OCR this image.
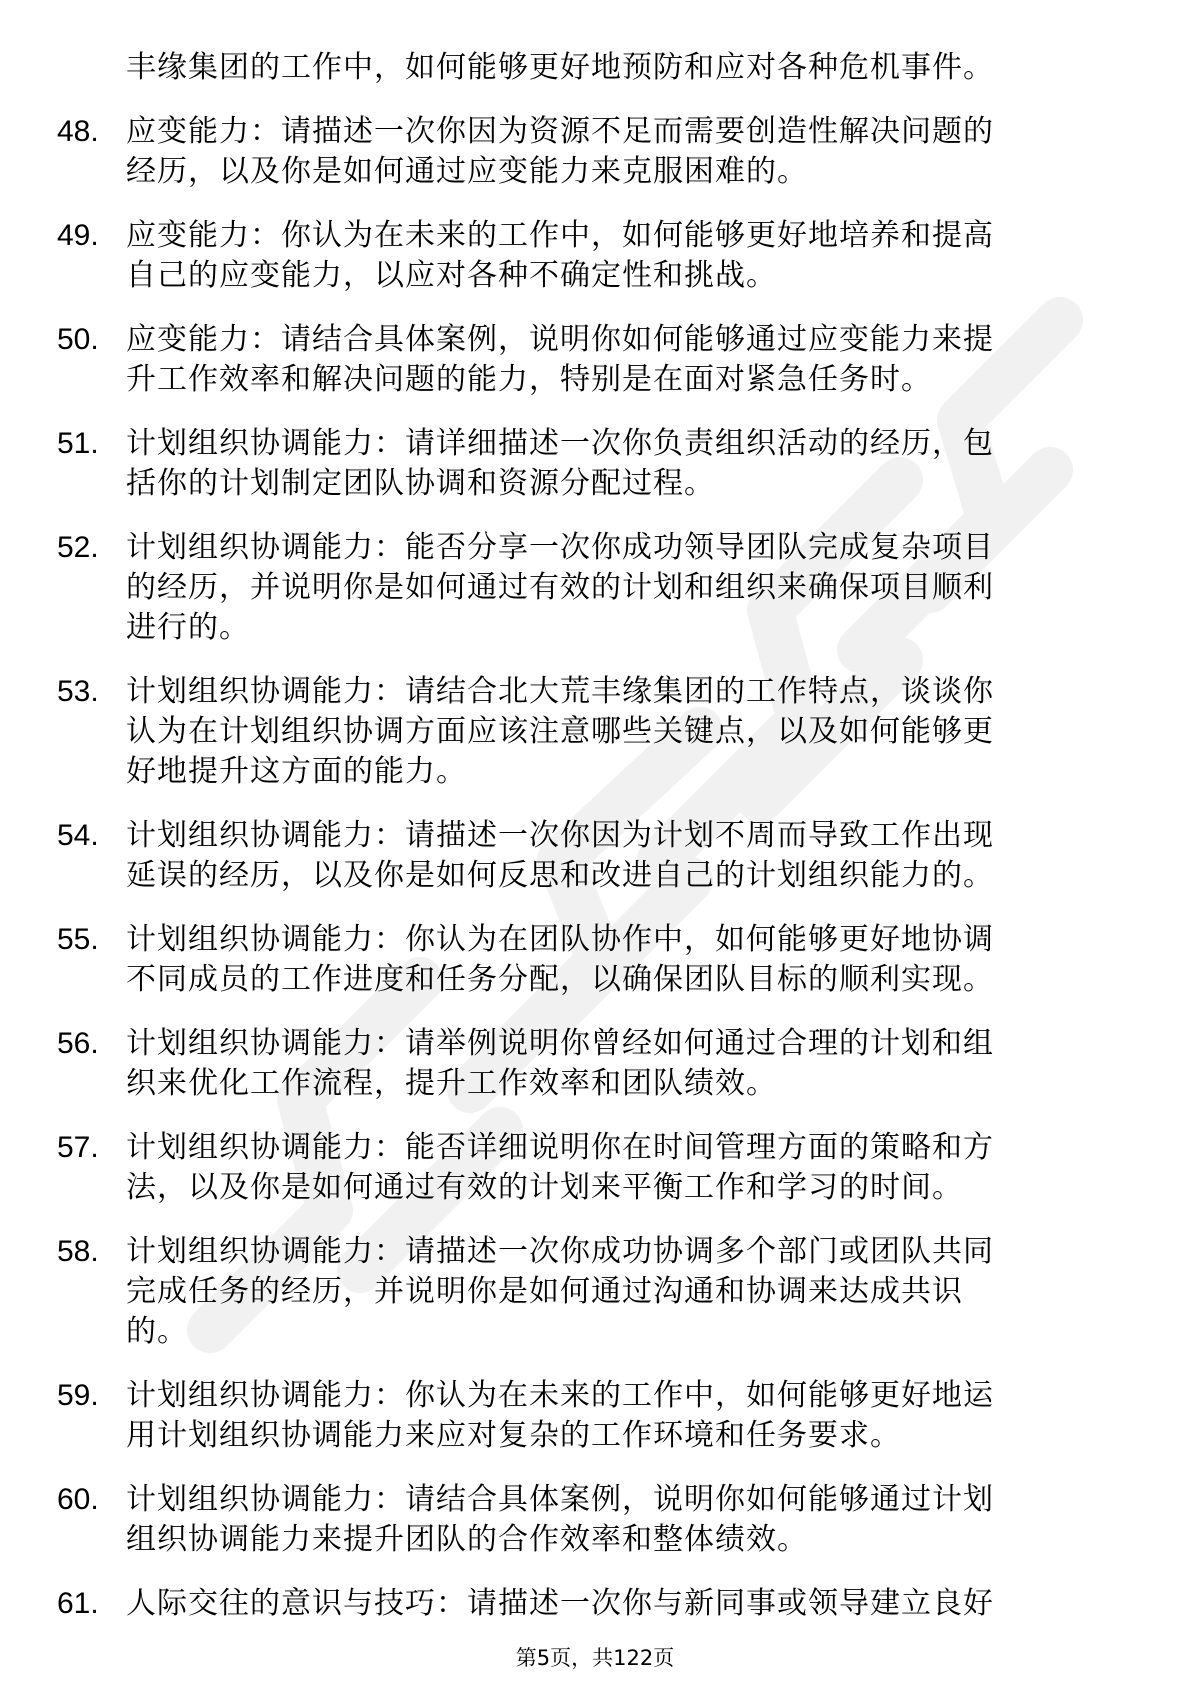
丰缘集团的工作中，如何能够更好地预防和应对各种危机事件。
48. 应变能力：请描述一次你因为资源不足而需要创造性解决问题的
经历，以及你是如何通过应变能力来克服困难的。
49. 应变能力：你认为在未来的工作中，如何能够更好地培养和提高
自己的应变能力，以应对各种不确定性和挑战。
50. 应变能力：请结合具体案例，说明你如何能够通过应变能力来提
升工作效率和解决问题的能力，特别是在面对紧急任务时。
51. 计划组织协调能力：请详细描述一次你负责组织活动的经历，包
括你的计划制定团队协调和资源分配过程。
52. 计划组织协调能力：能否分享一次你成功领导团队完成复杂项目
的经历，并说明你是如何通过有效的计划和组织来确保项目顺利
进行的。
53. 计划组织协调能力：请结合北大荒丰缘集团的工作特点，谈谈你
认为在计划组织协调方面应该注意哪些关键点，以及如何能够更
好地提升这方面的能力。
54. 计划组织协调能力：请描述一次你因为计划不周而导致工作出现
延误的经历，以及你是如何反思和改进自己的计划组织能力的。
55. 计划组织协调能力：你认为在团队协作中，如何能够更好地协调
不同成员的工作进度和任务分配，以确保团队目标的顺利实现。
56. 计划组织协调能力：请举例说明你曾经如何通过合理的计划和组
织来优化工作流程，提升工作效率和团队绩效。
57. 计划组织协调能力：能否详细说明你在时间管理方面的策略和方
法，以及你是如何通过有效的计划来平衡工作和学习的时间。
58. 计划组织协调能力：请描述一次你成功协调多个部门或团队共同
完成任务的经历，并说明你是如何通过沟通和协调来达成共识
的。
59. 计划组织协调能力：你认为在未来的工作中，如何能够更好地运
用计划组织协调能力来应对复杂的工作环境和任务要求。
60. 计划组织协调能力：请结合具体案例，说明你如何能够通过计划
组织协调能力来提升团队的合作效率和整体绩效。
61. 人际交往的意识与技巧：请描述一次你与新同事或领导建立良好
第5页，共122页
